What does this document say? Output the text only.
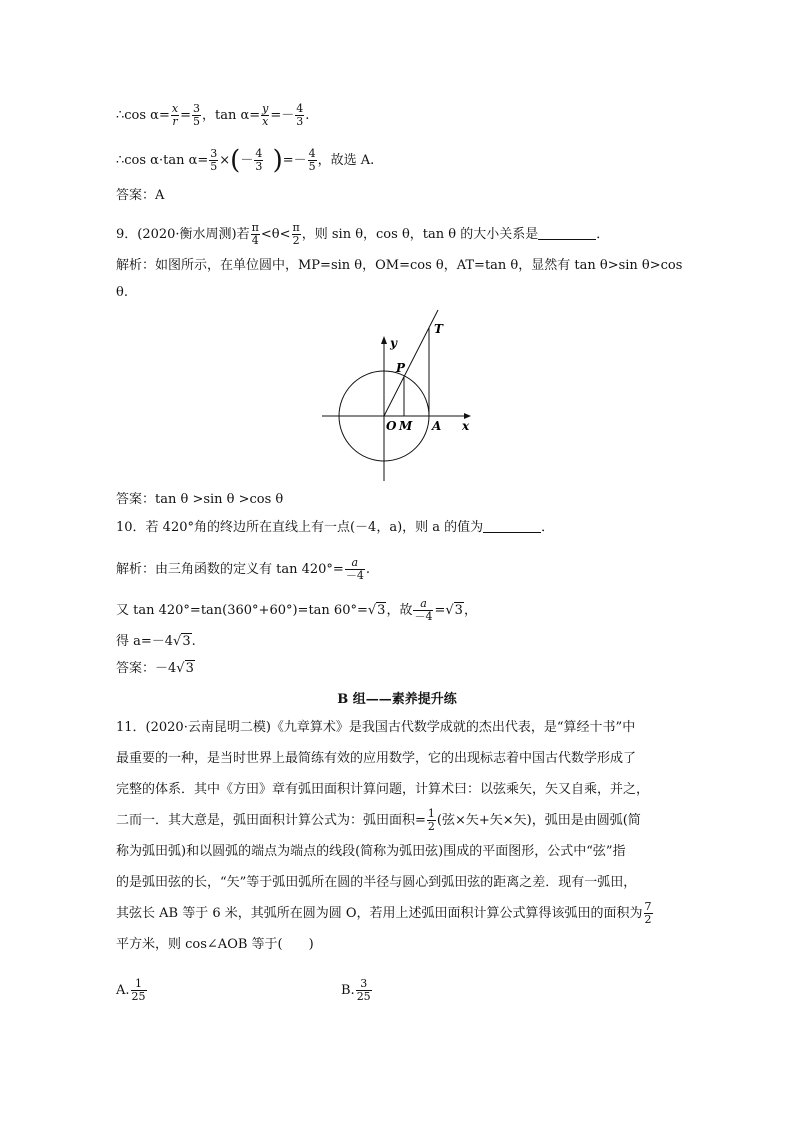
∴cos $\alpha= \frac{x}{r} = \frac{3}{5}$ ，$\tan \alpha= \frac{y}{x} =- \frac{4}{3}$ .
∴cos α·tan $\alpha= \frac{3}{5}$ ×(－ $\frac{4}{3}$ )=－ $\frac{4}{5}$ ，故选 A.
答案：A
9．(2020·衡水周测)若 $\frac{\pi}{4} <\theta< \frac{\pi}{2}$ ，则 sin θ，cos θ，tan θ 的大小关系是	．
解析：如图所示，在单位圆中，MP=sin θ，OM=cos θ，AT=tan θ，显然有 tan θ>sin θ>cos
θ.
y
x
O M A
P
T
答案：tan θ >sin θ >cos θ
10．若 420°角的终边所在直线上有一点(－4，a)，则 a 的值为	．
解析：由三角函数的定义有 $\tan 420^\circ= \frac{a}{-4}$ .
又 tan 420°=tan(360°+60°)=tan 60°=√3，故 $\frac{a}{-4} =√3$，
得 a=－4√3.
答案：－4√3
B 组——素养提升练
11．(2020·云南昆明二模)《九章算术》是我国古代数学成就的杰出代表，是“算经十书”中
最重要的一种，是当时世界上最简练有效的应用数学，它的出现标志着中国古代数学形成了
完整的体系．其中《方田》章有弧田面积计算问题，计算术曰：以弦乘矢，矢又自乘，并之，
二而一．其大意是，弧田面积计算公式为：弧田面积= $\frac{1}{2}$ (弦×矢+矢×矢)，弧田是由圆弧(简
称为弧田弧)和以圆弧的端点为端点的线段(简称为弧田弦)围成的平面图形，公式中“弦”指
的是弧田弦的长，“矢”等于弧田弧所在圆的半径与圆心到弧田弦的距离之差．现有一弧田，
其弦长 AB 等于 6 米，其弧所在圆为圆 O，若用上述弧田面积计算公式算得该弧田的面积为 $\frac{7}{2}$
平方米，则 cos∠AOB 等于(　　)
A. $\frac{1}{25}$	B. $\frac{3}{25}$
